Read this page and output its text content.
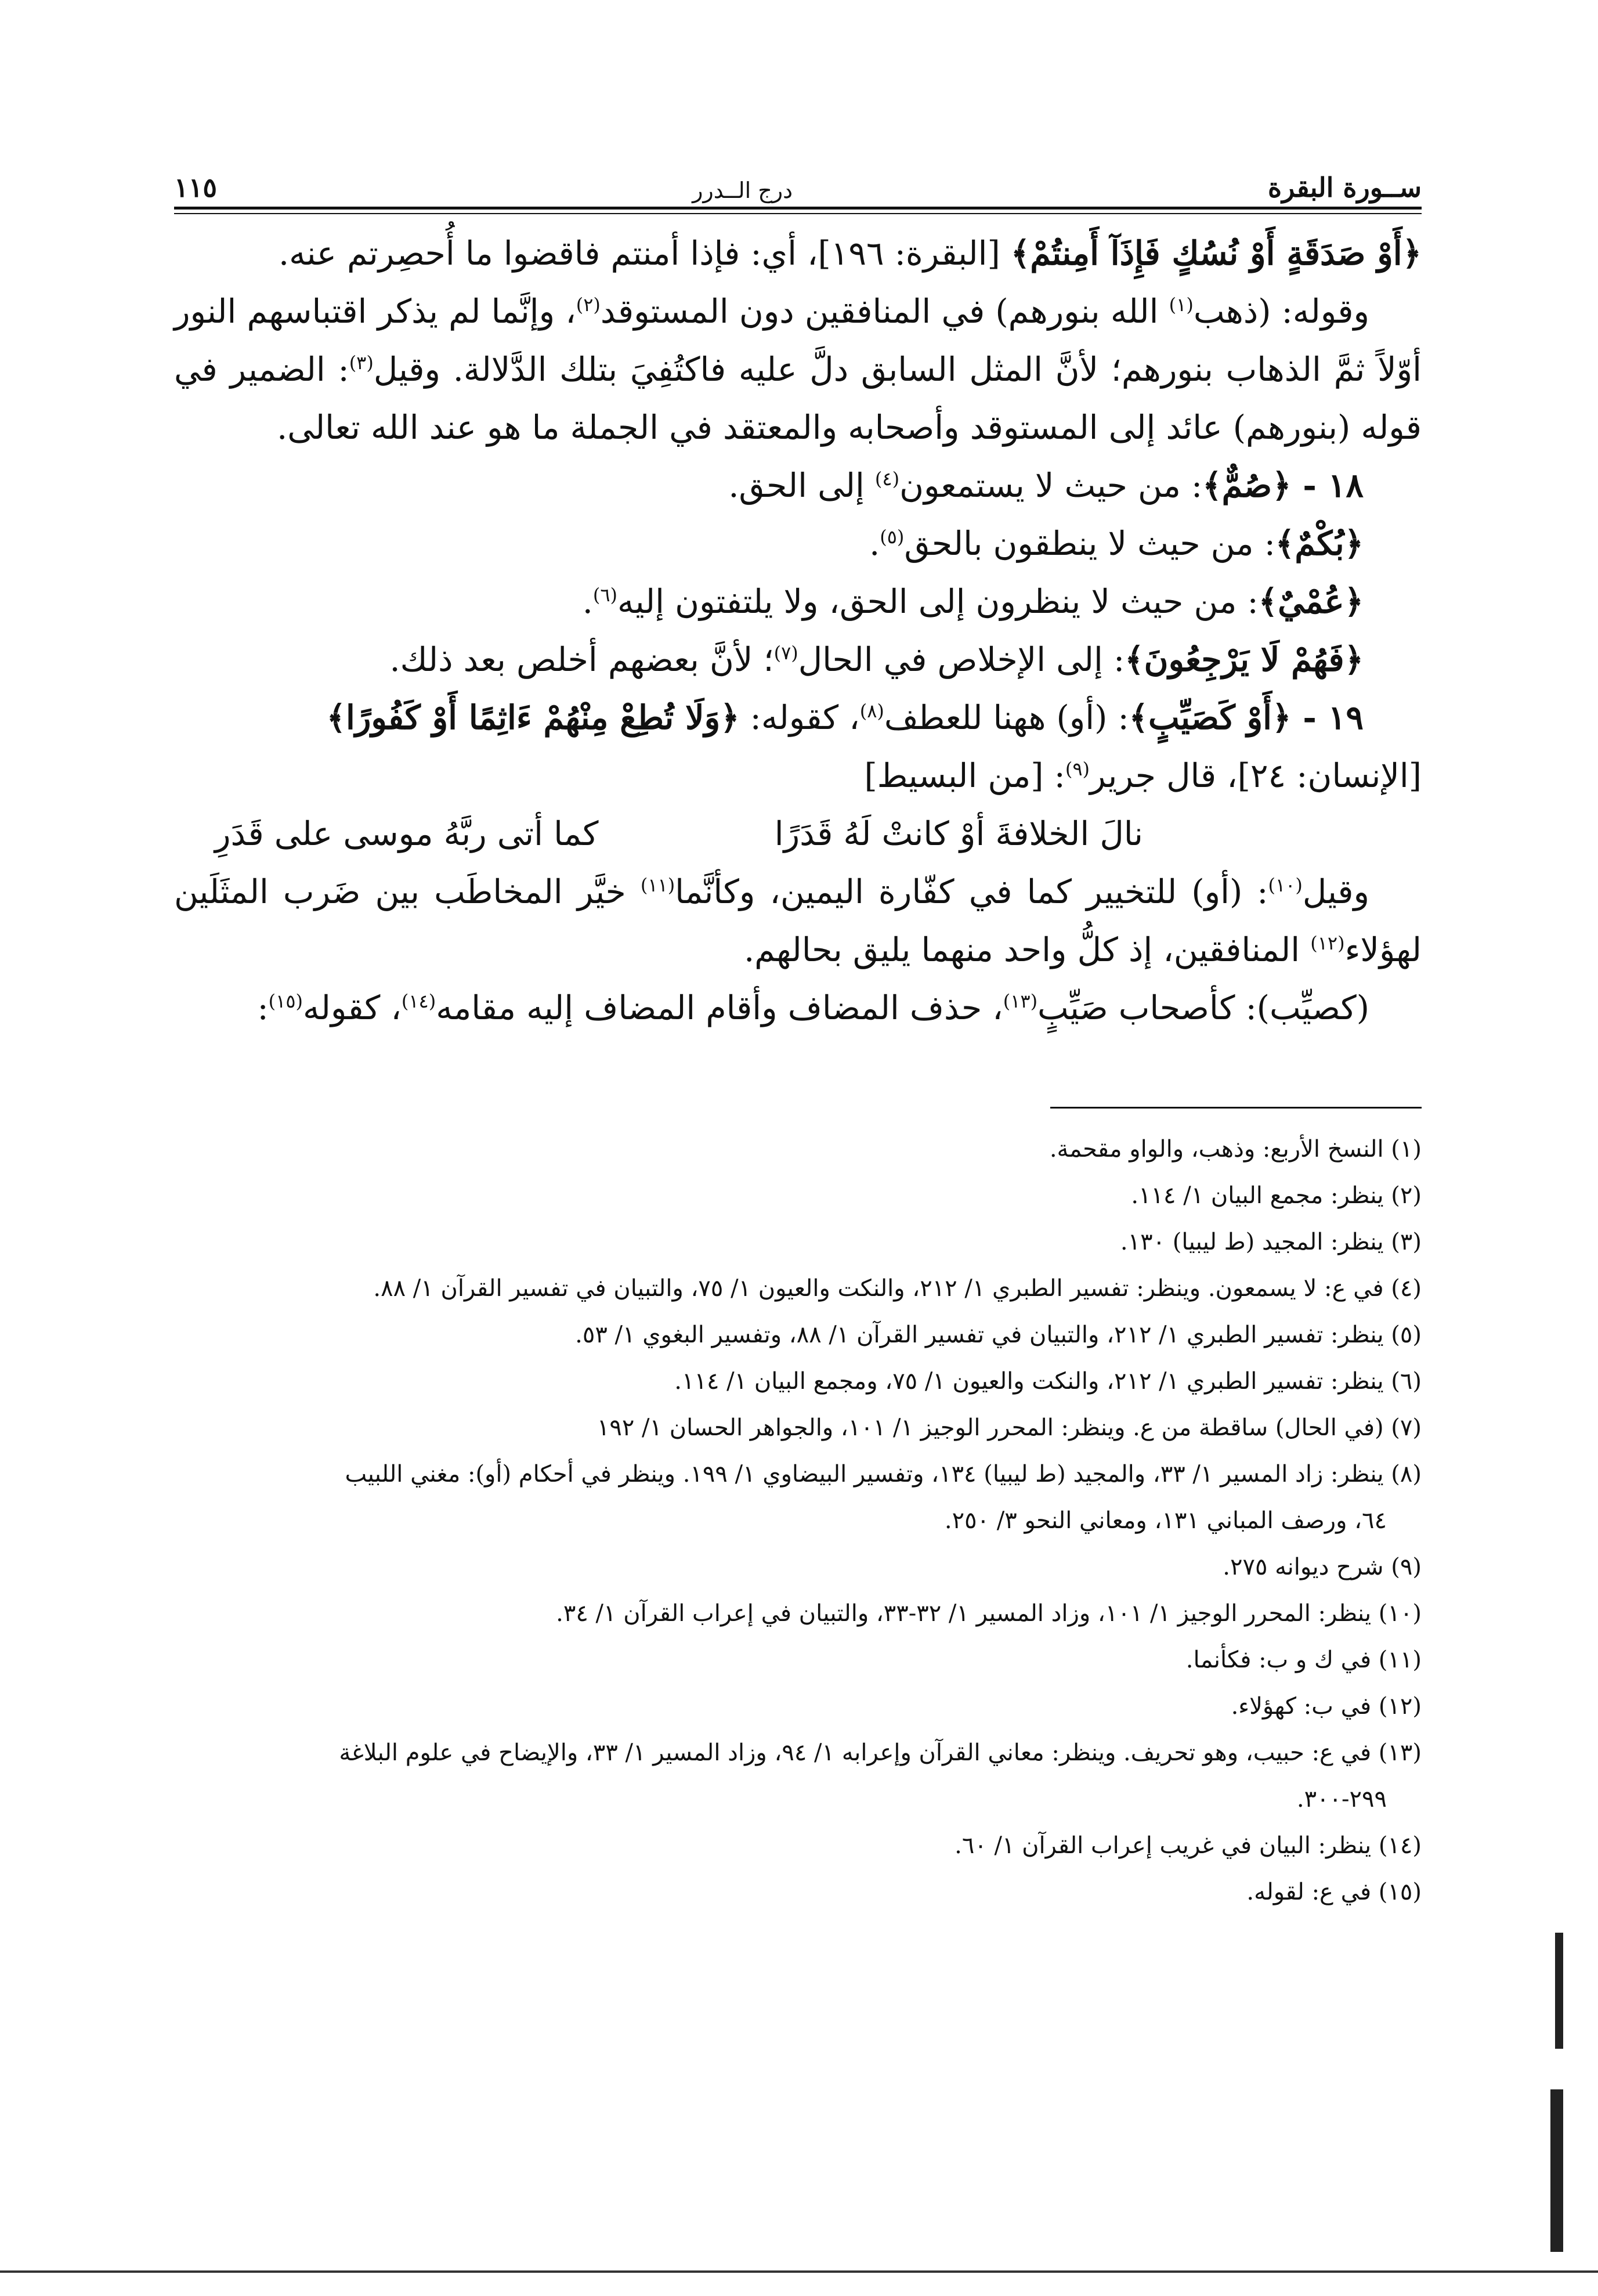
ســورة البقرة
درج الــدرر
١١٥

﴿أَوْ صَدَقَةٍ أَوْ نُسُكٍ فَإِذَآ أَمِنتُمْ﴾ [البقرة: ١٩٦]، أي: فإذا أمنتم فاقضوا ما أُحصِرتم عنه.

وقوله: (ذهب$^{(١)}$ الله بنورهم) في المنافقين دون المستوقد$^{(٢)}$، وإنَّما لم يذكر اقتباسهم النور أوّلاً ثمَّ الذهاب بنورهم؛ لأنَّ المثل السابق دلَّ عليه فاكتُفِيَ بتلك الدَّلالة. وقيل$^{(٣)}$: الضمير في قوله (بنورهم) عائد إلى المستوقد وأصحابه والمعتقد في الجملة ما هو عند الله تعالى.

١٨ - ﴿صُمٌّ﴾: من حيث لا يستمعون$^{(٤)}$ إلى الحق.

﴿بُكْمٌ﴾: من حيث لا ينطقون بالحق$^{(٥)}$.

﴿عُمْيٌ﴾: من حيث لا ينظرون إلى الحق، ولا يلتفتون إليه$^{(٦)}$.

﴿فَهُمْ لَا يَرْجِعُونَ﴾: إلى الإخلاص في الحال$^{(٧)}$؛ لأنَّ بعضهم أخلص بعد ذلك.

١٩ - ﴿أَوْ كَصَيِّبٍ﴾: (أو) ههنا للعطف$^{(٨)}$، كقوله: ﴿وَلَا تُطِعْ مِنْهُمْ ءَاثِمًا أَوْ كَفُورًا﴾

[الإنسان: ٢٤]، قال جرير$^{(٩)}$: [من البسيط]

نالَ الخلافةَ أوْ كانتْ لَهُ قَدَرًا
كما أتى ربَّهُ موسى على قَدَرِ

وقيل$^{(١٠)}$: (أو) للتخيير كما في كفّارة اليمين، وكأنَّما$^{(١١)}$ خيَّر المخاطَب بين ضَرب المثَلَين لهؤلاء$^{(١٢)}$ المنافقين، إذ كلُّ واحد منهما يليق بحالهم.

(كصيِّب): كأصحاب صَيِّبٍ$^{(١٣)}$، حذف المضاف وأقام المضاف إليه مقامه$^{(١٤)}$، كقوله$^{(١٥)}$:

(١) النسخ الأربع: وذهب، والواو مقحمة.

(٢) ينظر: مجمع البيان ١/ ١١٤.

(٣) ينظر: المجيد (ط ليبيا) ١٣٠.

(٤) في ع: لا يسمعون. وينظر: تفسير الطبري ١/ ٢١٢، والنكت والعيون ١/ ٧٥، والتبيان في تفسير القرآن ١/ ٨٨.

(٥) ينظر: تفسير الطبري ١/ ٢١٢، والتبيان في تفسير القرآن ١/ ٨٨، وتفسير البغوي ١/ ٥٣.

(٦) ينظر: تفسير الطبري ١/ ٢١٢، والنكت والعيون ١/ ٧٥، ومجمع البيان ١/ ١١٤.

(٧) (في الحال) ساقطة من ع. وينظر: المحرر الوجيز ١/ ١٠١، والجواهر الحسان ١/ ١٩٢

(٨) ينظر: زاد المسير ١/ ٣٣، والمجيد (ط ليبيا) ١٣٤، وتفسير البيضاوي ١/ ١٩٩. وينظر في أحكام (أو): مغني اللبيب
٦٤، ورصف المباني ١٣١، ومعاني النحو ٣/ ٢٥٠.

(٩) شرح ديوانه ٢٧٥.

(١٠) ينظر: المحرر الوجيز ١/ ١٠١، وزاد المسير ١/ ٣٢-٣٣، والتبيان في إعراب القرآن ١/ ٣٤.

(١١) في ك و ب: فكأنما.

(١٢) في ب: كهؤلاء.

(١٣) في ع: حبيب، وهو تحريف. وينظر: معاني القرآن وإعرابه ١/ ٩٤، وزاد المسير ١/ ٣٣، والإيضاح في علوم البلاغة
٢٩٩-٣٠٠.

(١٤) ينظر: البيان في غريب إعراب القرآن ١/ ٦٠.

(١٥) في ع: لقوله.
